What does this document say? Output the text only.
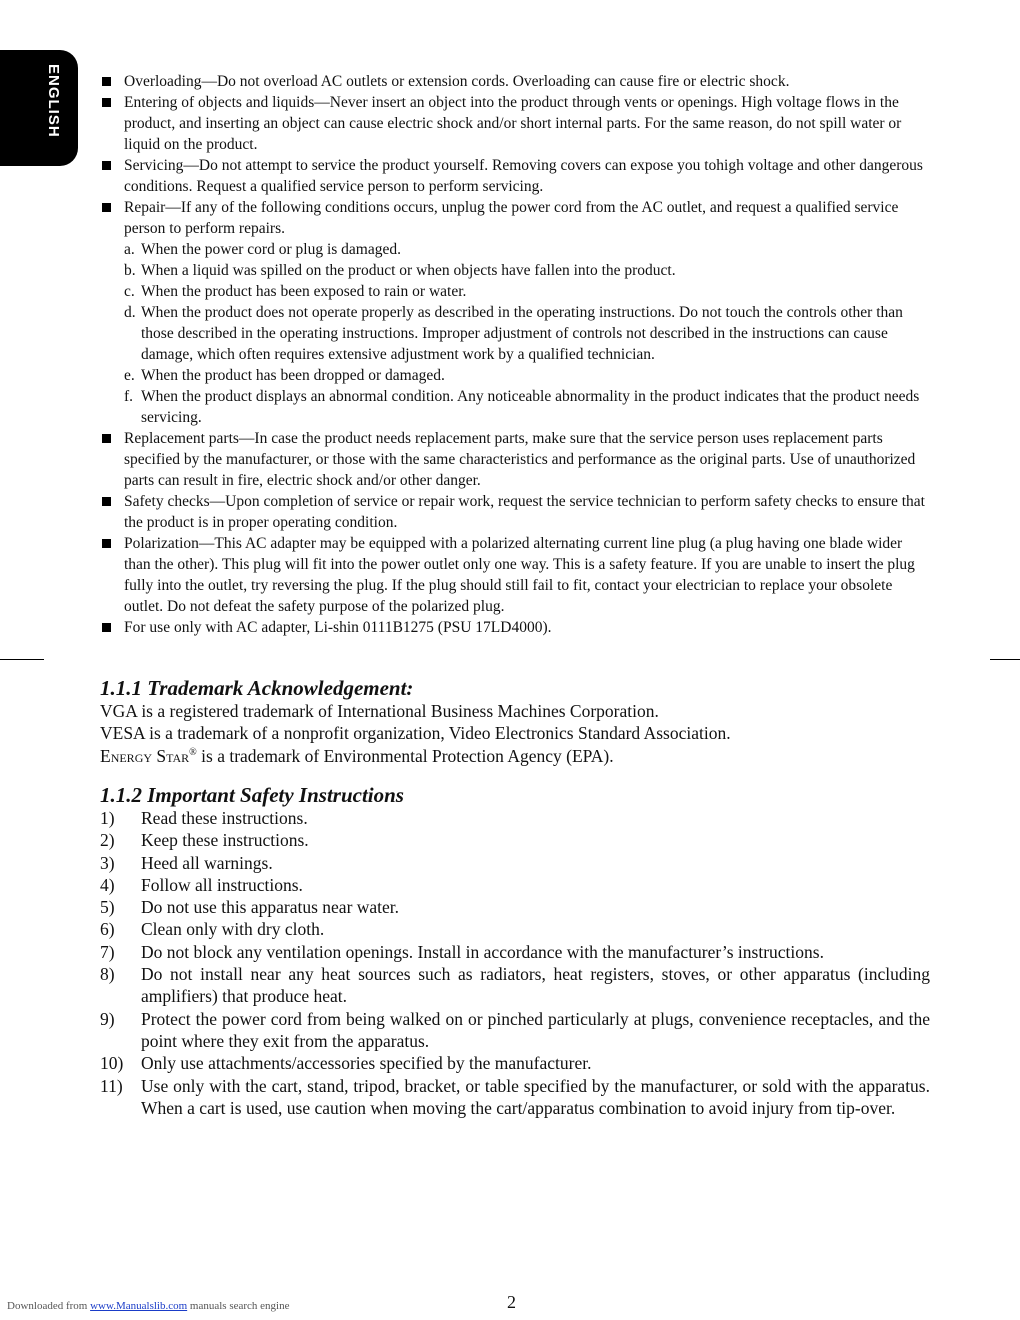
ENGLISH	Overloading—Do not overload AC outlets or extension cords. Overloading can cause fire or electric shock.
Entering of objects and liquids—Never insert an object into the product through vents or openings. High voltage flows in the product, and inserting an object can cause electric shock and/or short internal parts. For the same reason, do not spill water or liquid on the product.
Servicing—Do not attempt to service the product yourself. Removing covers can expose you tohigh voltage and other dangerous conditions. Request a qualified service person to perform servicing.
Repair—If any of the following conditions occurs, unplug the power cord from the AC outlet, and request a qualified service person to perform repairs.
a. When the power cord or plug is damaged.
b. When a liquid was spilled on the product or when objects have fallen into the product.
c. When the product has been exposed to rain or water.
d. When the product does not operate properly as described in the operating instructions. Do not touch the controls other than those described in the operating instructions. Improper adjustment of controls not described in the instructions can cause damage, which often requires extensive adjustment work by a qualified technician.
e. When the product has been dropped or damaged.
f. When the product displays an abnormal condition. Any noticeable abnormality in the product indicates that the product needs servicing.
Replacement parts—In case the product needs replacement parts, make sure that the service person uses replacement parts specified by the manufacturer, or those with the same characteristics and performance as the original parts. Use of unauthorized parts can result in fire, electric shock and/or other danger.
Safety checks—Upon completion of service or repair work, request the service technician to perform safety checks to ensure that the product is in proper operating condition.
Polarization—This AC adapter may be equipped with a polarized alternating current line plug (a plug having one blade wider than the other). This plug will fit into the power outlet only one way. This is a safety feature. If you are unable to insert the plug fully into the outlet, try reversing the plug. If the plug should still fail to fit, contact your electrician to replace your obsolete outlet. Do not defeat the safety purpose of the polarized plug.
For use only with AC adapter, Li-shin 0111B1275 (PSU 17LD4000).
1.1.1 Trademark Acknowledgement:

VGA is a registered trademark of International Business Machines Corporation.

VESA is a trademark of a nonprofit organization, Video Electronics Standard Association.

Energy Star® is a trademark of Environmental Protection Agency (EPA).

1.1.2 Important Safety Instructions
1) Read these instructions.
2) Keep these instructions.
3) Heed all warnings.
4) Follow all instructions.
5) Do not use this apparatus near water.
6) Clean only with dry cloth.
7) Do not block any ventilation openings. Install in accordance with the manufacturer’s instructions.
8) Do not install near any heat sources such as radiators, heat registers, stoves, or other apparatus (including amplifiers) that produce heat.
9) Protect the power cord from being walked on or pinched particularly at plugs, convenience receptacles, and the point where they exit from the apparatus.
10) Only use attachments/accessories specified by the manufacturer.
11) Use only with the cart, stand, tripod, bracket, or table specified by the manufacturer, or sold with the apparatus. When a cart is used, use caution when moving the cart/apparatus combination to avoid injury from tip-over.
Downloaded from www.Manualslib.com manuals search engine	2
